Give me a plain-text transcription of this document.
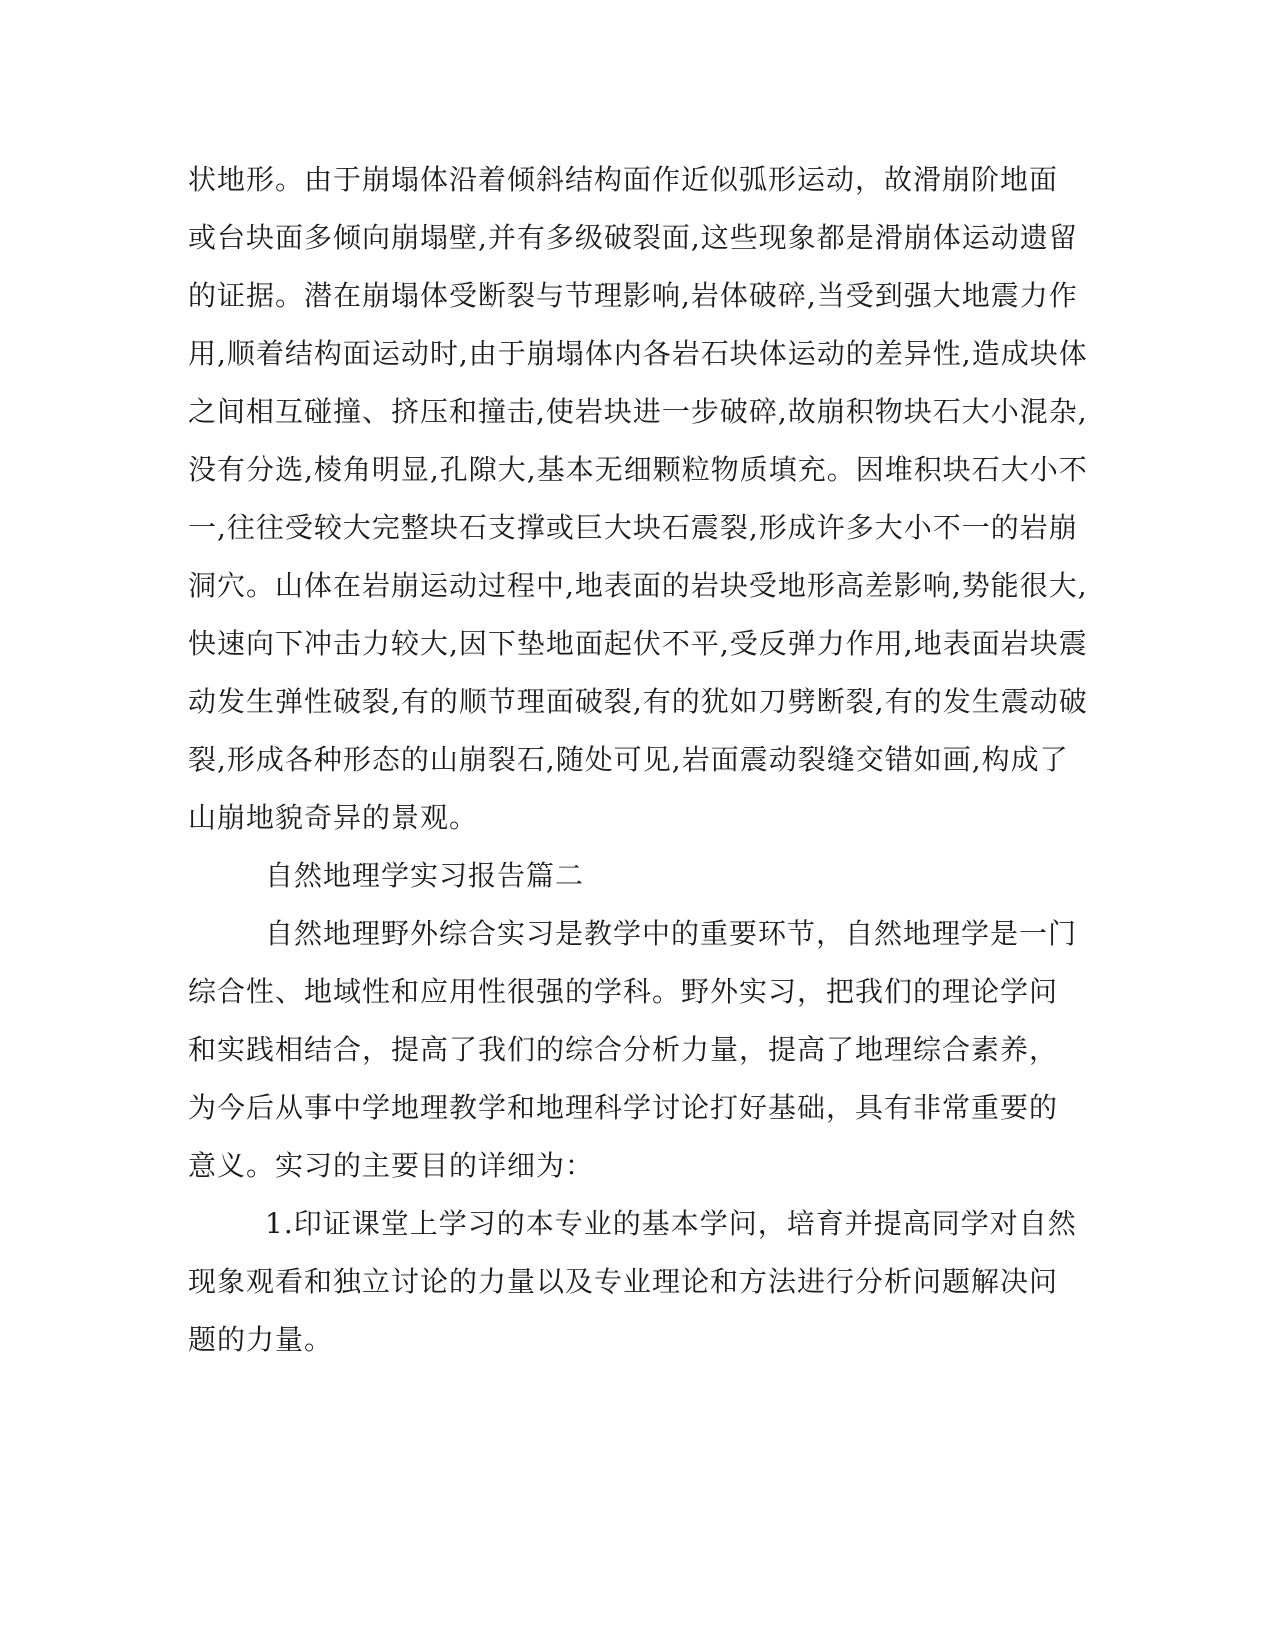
状地形。由于崩塌体沿着倾斜结构面作近似弧形运动，故滑崩阶地面
或台块面多倾向崩塌壁,并有多级破裂面,这些现象都是滑崩体运动遗留
的证据。潜在崩塌体受断裂与节理影响,岩体破碎,当受到强大地震力作
用,顺着结构面运动时,由于崩塌体内各岩石块体运动的差异性,造成块体
之间相互碰撞、挤压和撞击,使岩块进一步破碎,故崩积物块石大小混杂,
没有分选,棱角明显,孔隙大,基本无细颗粒物质填充。因堆积块石大小不
一,往往受较大完整块石支撑或巨大块石震裂,形成许多大小不一的岩崩
洞穴。山体在岩崩运动过程中,地表面的岩块受地形高差影响,势能很大,
快速向下冲击力较大,因下垫地面起伏不平,受反弹力作用,地表面岩块震
动发生弹性破裂,有的顺节理面破裂,有的犹如刀劈断裂,有的发生震动破
裂,形成各种形态的山崩裂石,随处可见,岩面震动裂缝交错如画,构成了
山崩地貌奇异的景观。
自然地理学实习报告篇二
自然地理野外综合实习是教学中的重要环节，自然地理学是一门
综合性、地域性和应用性很强的学科。野外实习，把我们的理论学问
和实践相结合，提高了我们的综合分析力量，提高了地理综合素养，
为今后从事中学地理教学和地理科学讨论打好基础，具有非常重要的
意义。实习的主要目的详细为：
1.印证课堂上学习的本专业的基本学问，培育并提高同学对自然
现象观看和独立讨论的力量以及专业理论和方法进行分析问题解决问
题的力量。
